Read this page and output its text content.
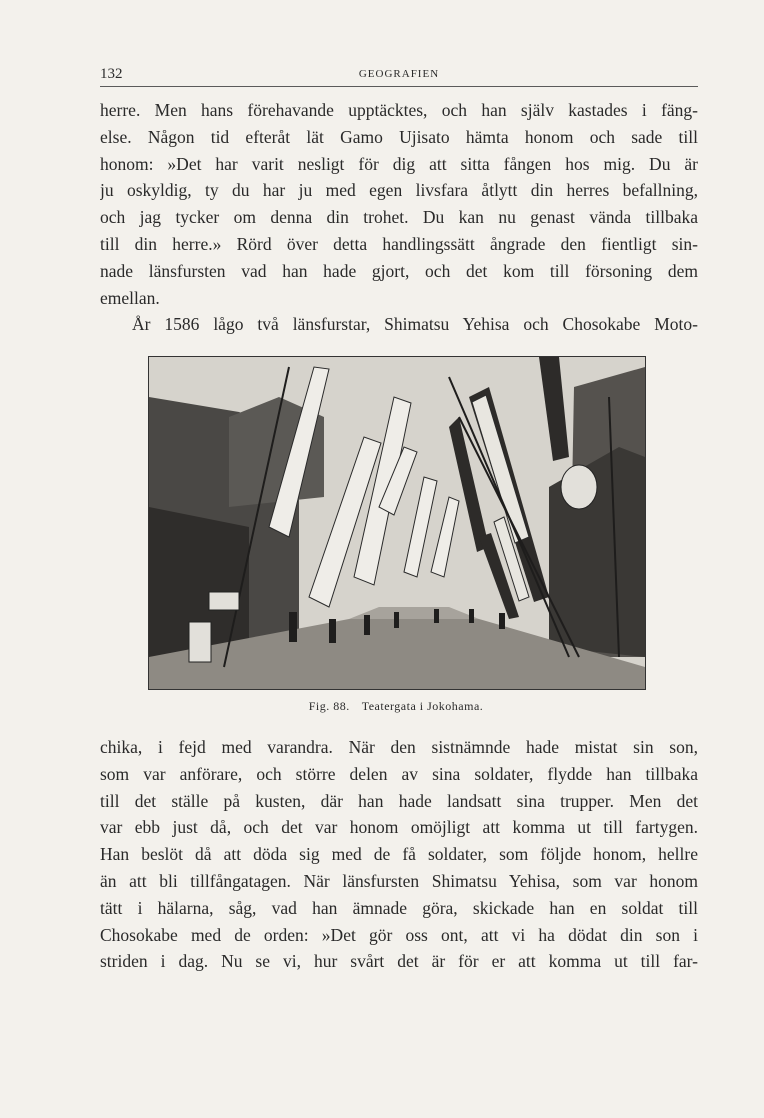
132	GEOGRAFIEN
herre. Men hans förehavande upptäcktes, och han själv kastades i fäng-
else. Någon tid efteråt lät Gamo Ujisato hämta honom och sade till
honom: »Det har varit nesligt för dig att sitta fången hos mig. Du är
ju oskyldig, ty du har ju med egen livsfara åtlytt din herres befallning,
och jag tycker om denna din trohet. Du kan nu genast vända tillbaka
till din herre.» Rörd över detta handlingssätt ångrade den fientligt sin-
nade länsfursten vad han hade gjort, och det kom till försoning dem
emellan.
År 1586 lågo två länsfurstar, Shimatsu Yehisa och Chosokabe Moto-
Fig. 88. Teatergata i Jokohama.
chika, i fejd med varandra. När den sistnämnde hade mistat sin son,
som var anförare, och större delen av sina soldater, flydde han tillbaka
till det ställe på kusten, där han hade landsatt sina trupper. Men det
var ebb just då, och det var honom omöjligt att komma ut till fartygen.
Han beslöt då att döda sig med de få soldater, som följde honom, hellre
än att bli tillfångatagen. När länsfursten Shimatsu Yehisa, som var honom
tätt i hälarna, såg, vad han ämnade göra, skickade han en soldat till
Chosokabe med de orden: »Det gör oss ont, att vi ha dödat din son i
striden i dag. Nu se vi, hur svårt det är för er att komma ut till far-
